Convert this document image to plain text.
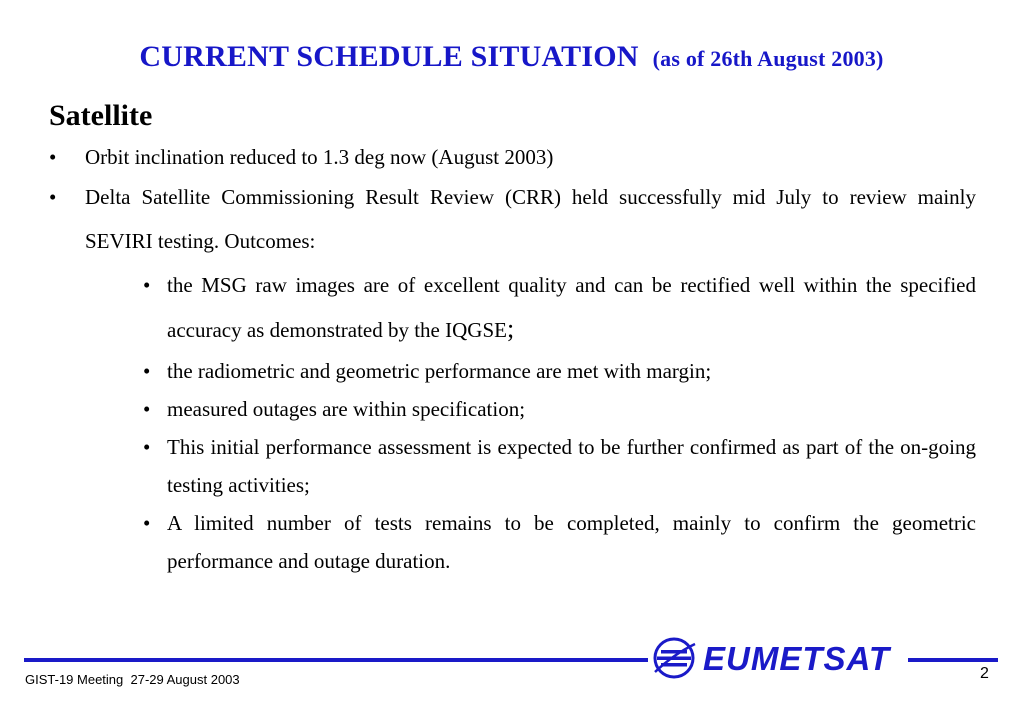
CURRENT SCHEDULE SITUATION (as of 26th August 2003)
Satellite
• Orbit inclination reduced to 1.3 deg now (August 2003)
• Delta Satellite Commissioning Result Review (CRR) held successfully mid July to review mainly SEVIRI testing. Outcomes:
• the MSG raw images are of excellent quality and can be rectified well within the specified accuracy as demonstrated by the IQGSE;
• the radiometric and geometric performance are met with margin;
• measured outages are within specification;
• This initial performance assessment is expected to be further confirmed as part of the on-going testing activities;
• A limited number of tests remains to be completed, mainly to confirm the geometric performance and outage duration.
EUMETSAT
GIST-19 Meeting  27-29 August 2003	2
